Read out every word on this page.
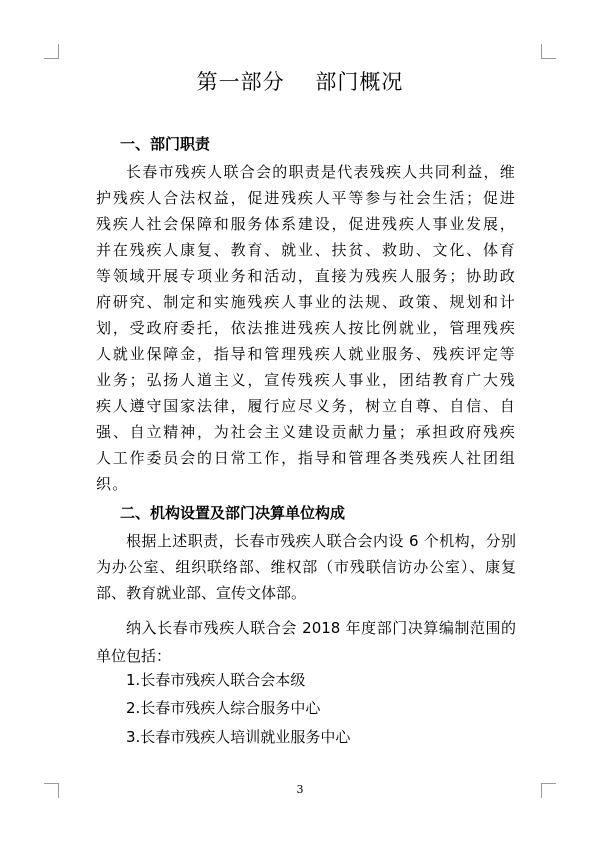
第一部分    部门概况
一、部门职责
长春市残疾人联合会的职责是代表残疾人共同利益，维护残疾人合法权益，促进残疾人平等参与社会生活；促进残疾人社会保障和服务体系建设，促进残疾人事业发展，并在残疾人康复、教育、就业、扶贫、救助、文化、体育等领域开展专项业务和活动，直接为残疾人服务；协助政府研究、制定和实施残疾人事业的法规、政策、规划和计划，受政府委托，依法推进残疾人按比例就业，管理残疾人就业保障金，指导和管理残疾人就业服务、残疾评定等业务；弘扬人道主义，宣传残疾人事业，团结教育广大残疾人遵守国家法律，履行应尽义务，树立自尊、自信、自强、自立精神，为社会主义建设贡献力量；承担政府残疾人工作委员会的日常工作，指导和管理各类残疾人社团组织。
二、机构设置及部门决算单位构成
根据上述职责，长春市残疾人联合会内设 6 个机构，分别为办公室、组织联络部、维权部（市残联信访办公室）、康复部、教育就业部、宣传文体部。
纳入长春市残疾人联合会 2018 年度部门决算编制范围的单位包括：
1.长春市残疾人联合会本级
2.长春市残疾人综合服务中心
3.长春市残疾人培训就业服务中心
3
